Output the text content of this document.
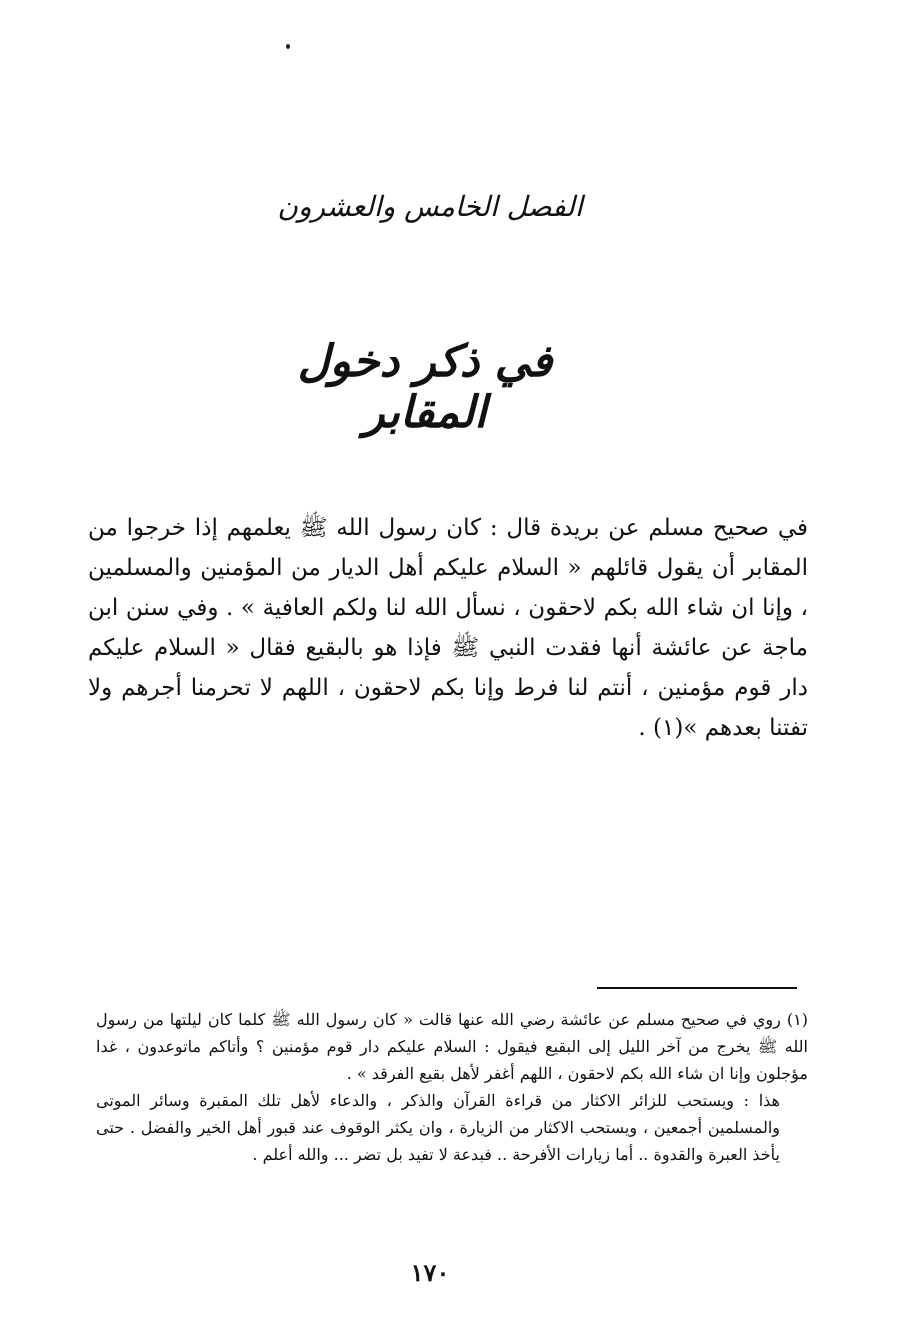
الفصل الخامس والعشرون
في ذكر دخول المقابر
في صحيح مسلم عن بريدة قال : كان رسول الله ﷺ يعلمهم إذا خرجوا من المقابر أن يقول قائلهم « السلام عليكم أهل الديار من المؤمنين والمسلمين ، وإنا ان شاء الله بكم لاحقون ، نسأل الله لنا ولكم العافية » . وفي سنن ابن ماجة عن عائشة أنها فقدت النبي ﷺ فإذا هو بالبقيع فقال « السلام عليكم دار قوم مؤمنين ، أنتم لنا فرط وإنا بكم لاحقون ، اللهم لا تحرمنا أجرهم ولا تفتنا بعدهم »(١) .

(١) روي في صحيح مسلم عن عائشة رضي الله عنها قالت « كان رسول الله ﷺ كلما كان ليلتها من رسول الله ﷺ يخرج من آخر الليل إلى البقيع فيقول : السلام عليكم دار قوم مؤمنين ؟ وأتاكم ماتوعدون ، غدا مؤجلون وإنا ان شاء الله بكم لاحقون ، اللهم أغفر لأهل بقيع الفرقد » .

هذا : ويستحب للزائر الاكثار من قراءة القرآن والذكر ، والدعاء لأهل تلك المقبرة وسائر الموتى والمسلمين أجمعين ، ويستحب الاكثار من الزيارة ، وان يكثر الوقوف عند قبور أهل الخير والفضل . حتى يأخذ العبرة والقدوة .. أما زيارات الأفرحة .. فبدعة لا تفيد بل تضر ... والله أعلم .

١٧٠
